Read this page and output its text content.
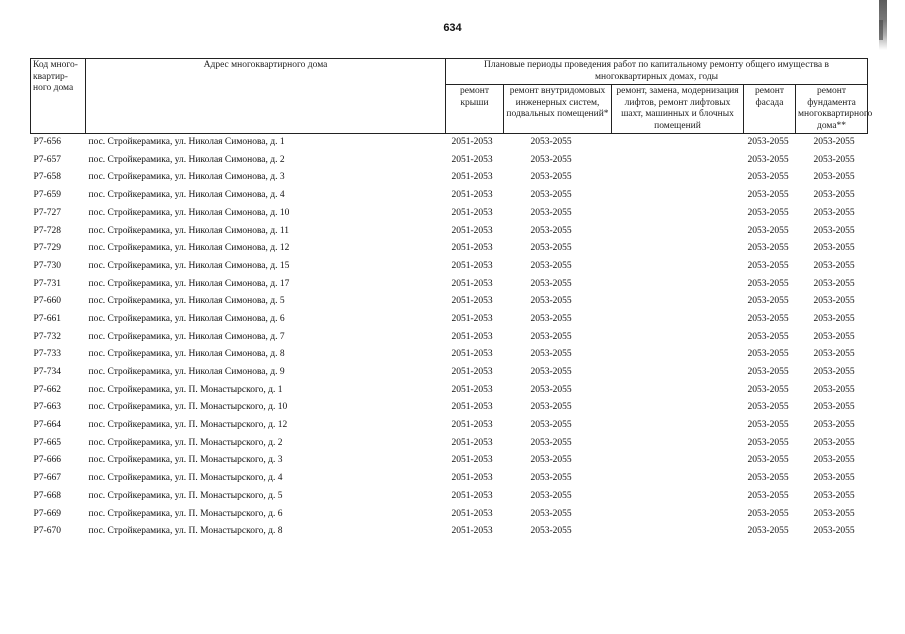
634
Код много-квартир-ного дома	Адрес многоквартирного дома	Плановые периоды проведения работ по капитальному ремонту общего имущества в многоквартирных домах, годы				
		ремонт крыши	ремонт внутридомовых инженерных систем, подвальных помещений*	ремонт, замена, модернизация лифтов, ремонт лифтовых шахт, машинных и блочных помещений	ремонт фасада	ремонт фундамента многоквартирного дома**
Р7-656	пос. Стройкерамика, ул. Николая Симонова, д. 1	2051-2053	2053-2055		2053-2055	2053-2055
Р7-657	пос. Стройкерамика, ул. Николая Симонова, д. 2	2051-2053	2053-2055		2053-2055	2053-2055
Р7-658	пос. Стройкерамика, ул. Николая Симонова, д. 3	2051-2053	2053-2055		2053-2055	2053-2055
Р7-659	пос. Стройкерамика, ул. Николая Симонова, д. 4	2051-2053	2053-2055		2053-2055	2053-2055
Р7-727	пос. Стройкерамика, ул. Николая Симонова, д. 10	2051-2053	2053-2055		2053-2055	2053-2055
Р7-728	пос. Стройкерамика, ул. Николая Симонова, д. 11	2051-2053	2053-2055		2053-2055	2053-2055
Р7-729	пос. Стройкерамика, ул. Николая Симонова, д. 12	2051-2053	2053-2055		2053-2055	2053-2055
Р7-730	пос. Стройкерамика, ул. Николая Симонова, д. 15	2051-2053	2053-2055		2053-2055	2053-2055
Р7-731	пос. Стройкерамика, ул. Николая Симонова, д. 17	2051-2053	2053-2055		2053-2055	2053-2055
Р7-660	пос. Стройкерамика, ул. Николая Симонова, д. 5	2051-2053	2053-2055		2053-2055	2053-2055
Р7-661	пос. Стройкерамика, ул. Николая Симонова, д. 6	2051-2053	2053-2055		2053-2055	2053-2055
Р7-732	пос. Стройкерамика, ул. Николая Симонова, д. 7	2051-2053	2053-2055		2053-2055	2053-2055
Р7-733	пос. Стройкерамика, ул. Николая Симонова, д. 8	2051-2053	2053-2055		2053-2055	2053-2055
Р7-734	пос. Стройкерамика, ул. Николая Симонова, д. 9	2051-2053	2053-2055		2053-2055	2053-2055
Р7-662	пос. Стройкерамика, ул. П. Монастырского, д. 1	2051-2053	2053-2055		2053-2055	2053-2055
Р7-663	пос. Стройкерамика, ул. П. Монастырского, д. 10	2051-2053	2053-2055		2053-2055	2053-2055
Р7-664	пос. Стройкерамика, ул. П. Монастырского, д. 12	2051-2053	2053-2055		2053-2055	2053-2055
Р7-665	пос. Стройкерамика, ул. П. Монастырского, д. 2	2051-2053	2053-2055		2053-2055	2053-2055
Р7-666	пос. Стройкерамика, ул. П. Монастырского, д. 3	2051-2053	2053-2055		2053-2055	2053-2055
Р7-667	пос. Стройкерамика, ул. П. Монастырского, д. 4	2051-2053	2053-2055		2053-2055	2053-2055
Р7-668	пос. Стройкерамика, ул. П. Монастырского, д. 5	2051-2053	2053-2055		2053-2055	2053-2055
Р7-669	пос. Стройкерамика, ул. П. Монастырского, д. 6	2051-2053	2053-2055		2053-2055	2053-2055
Р7-670	пос. Стройкерамика, ул. П. Монастырского, д. 8	2051-2053	2053-2055		2053-2055	2053-2055
